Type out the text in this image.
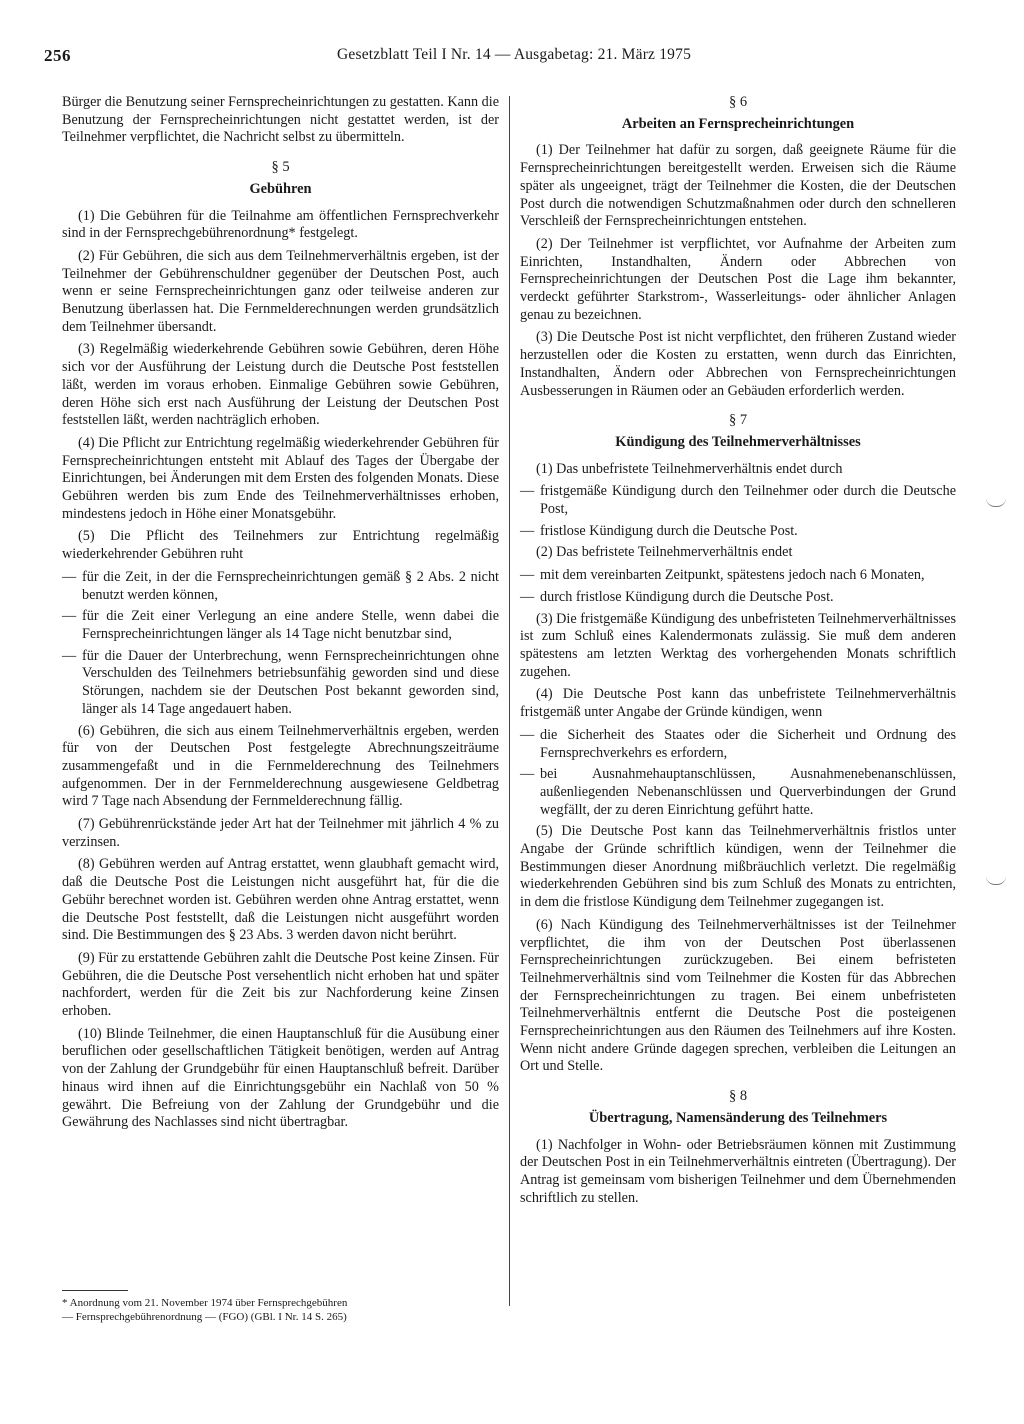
256	Gesetzblatt Teil I Nr. 14 — Ausgabetag: 21. März 1975

Bürger die Benutzung seiner Fernsprecheinrichtungen zu gestatten. Kann die Benutzung der Fernsprecheinrichtungen nicht gestattet werden, ist der Teilnehmer verpflichtet, die Nachricht selbst zu übermitteln.

§ 5
Gebühren

(1) Die Gebühren für die Teilnahme am öffentlichen Fernsprechverkehr sind in der Fernsprechgebührenordnung* festgelegt.

(2) Für Gebühren, die sich aus dem Teilnehmerverhältnis ergeben, ist der Teilnehmer der Gebührenschuldner gegenüber der Deutschen Post, auch wenn er seine Fernsprecheinrichtungen ganz oder teilweise anderen zur Benutzung überlassen hat. Die Fernmelderechnungen werden grundsätzlich dem Teilnehmer übersandt.

(3) Regelmäßig wiederkehrende Gebühren sowie Gebühren, deren Höhe sich vor der Ausführung der Leistung durch die Deutsche Post feststellen läßt, werden im voraus erhoben. Einmalige Gebühren sowie Gebühren, deren Höhe sich erst nach Ausführung der Leistung der Deutschen Post feststellen läßt, werden nachträglich erhoben.

(4) Die Pflicht zur Entrichtung regelmäßig wiederkehrender Gebühren für Fernsprecheinrichtungen entsteht mit Ablauf des Tages der Übergabe der Einrichtungen, bei Änderungen mit dem Ersten des folgenden Monats. Diese Gebühren werden bis zum Ende des Teilnehmerverhältnisses erhoben, mindestens jedoch in Höhe einer Monatsgebühr.

(5) Die Pflicht des Teilnehmers zur Entrichtung regelmäßig wiederkehrender Gebühren ruht

— für die Zeit, in der die Fernsprecheinrichtungen gemäß § 2 Abs. 2 nicht benutzt werden können,
— für die Zeit einer Verlegung an eine andere Stelle, wenn dabei die Fernsprecheinrichtungen länger als 14 Tage nicht benutzbar sind,
— für die Dauer der Unterbrechung, wenn Fernsprecheinrichtungen ohne Verschulden des Teilnehmers betriebsunfähig geworden sind und diese Störungen, nachdem sie der Deutschen Post bekannt geworden sind, länger als 14 Tage angedauert haben.

(6) Gebühren, die sich aus einem Teilnehmerverhältnis ergeben, werden für von der Deutschen Post festgelegte Abrechnungszeiträume zusammengefaßt und in die Fernmelderechnung des Teilnehmers aufgenommen. Der in der Fernmelderechnung ausgewiesene Geldbetrag wird 7 Tage nach Absendung der Fernmelderechnung fällig.

(7) Gebührenrückstände jeder Art hat der Teilnehmer mit jährlich 4 % zu verzinsen.

(8) Gebühren werden auf Antrag erstattet, wenn glaubhaft gemacht wird, daß die Deutsche Post die Leistungen nicht ausgeführt hat, für die die Gebühr berechnet worden ist. Gebühren werden ohne Antrag erstattet, wenn die Deutsche Post feststellt, daß die Leistungen nicht ausgeführt worden sind. Die Bestimmungen des § 23 Abs. 3 werden davon nicht berührt.

(9) Für zu erstattende Gebühren zahlt die Deutsche Post keine Zinsen. Für Gebühren, die die Deutsche Post versehentlich nicht erhoben hat und später nachfordert, werden für die Zeit bis zur Nachforderung keine Zinsen erhoben.

(10) Blinde Teilnehmer, die einen Hauptanschluß für die Ausübung einer beruflichen oder gesellschaftlichen Tätigkeit benötigen, werden auf Antrag von der Zahlung der Grundgebühr für einen Hauptanschluß befreit. Darüber hinaus wird ihnen auf die Einrichtungsgebühr ein Nachlaß von 50 % gewährt. Die Befreiung von der Zahlung der Grundgebühr und die Gewährung des Nachlasses sind nicht übertragbar.

§ 6
Arbeiten an Fernsprecheinrichtungen

(1) Der Teilnehmer hat dafür zu sorgen, daß geeignete Räume für die Fernsprecheinrichtungen bereitgestellt werden. Erweisen sich die Räume später als ungeeignet, trägt der Teilnehmer die Kosten, die der Deutschen Post durch die notwendigen Schutzmaßnahmen oder durch den schnelleren Verschleiß der Fernsprecheinrichtungen entstehen.

(2) Der Teilnehmer ist verpflichtet, vor Aufnahme der Arbeiten zum Einrichten, Instandhalten, Ändern oder Abbrechen von Fernsprecheinrichtungen der Deutschen Post die Lage ihm bekannter, verdeckt geführter Starkstrom-, Wasserleitungs- oder ähnlicher Anlagen genau zu bezeichnen.

(3) Die Deutsche Post ist nicht verpflichtet, den früheren Zustand wieder herzustellen oder die Kosten zu erstatten, wenn durch das Einrichten, Instandhalten, Ändern oder Abbrechen von Fernsprecheinrichtungen Ausbesserungen in Räumen oder an Gebäuden erforderlich werden.

§ 7
Kündigung des Teilnehmerverhältnisses

(1) Das unbefristete Teilnehmerverhältnis endet durch

— fristgemäße Kündigung durch den Teilnehmer oder durch die Deutsche Post,
— fristlose Kündigung durch die Deutsche Post.

(2) Das befristete Teilnehmerverhältnis endet

— mit dem vereinbarten Zeitpunkt, spätestens jedoch nach 6 Monaten,
— durch fristlose Kündigung durch die Deutsche Post.

(3) Die fristgemäße Kündigung des unbefristeten Teilnehmerverhältnisses ist zum Schluß eines Kalendermonats zulässig. Sie muß dem anderen spätestens am letzten Werktag des vorhergehenden Monats schriftlich zugehen.

(4) Die Deutsche Post kann das unbefristete Teilnehmerverhältnis fristgemäß unter Angabe der Gründe kündigen, wenn

— die Sicherheit des Staates oder die Sicherheit und Ordnung des Fernsprechverkehrs es erfordern,
— bei Ausnahmehauptanschlüssen, Ausnahmenebenanschlüssen, außenliegenden Nebenanschlüssen und Querverbindungen der Grund wegfällt, der zu deren Einrichtung geführt hatte.

(5) Die Deutsche Post kann das Teilnehmerverhältnis fristlos unter Angabe der Gründe schriftlich kündigen, wenn der Teilnehmer die Bestimmungen dieser Anordnung mißbräuchlich verletzt. Die regelmäßig wiederkehrenden Gebühren sind bis zum Schluß des Monats zu entrichten, in dem die fristlose Kündigung dem Teilnehmer zugegangen ist.

(6) Nach Kündigung des Teilnehmerverhältnisses ist der Teilnehmer verpflichtet, die ihm von der Deutschen Post überlassenen Fernsprecheinrichtungen zurückzugeben. Bei einem befristeten Teilnehmerverhältnis sind vom Teilnehmer die Kosten für das Abbrechen der Fernsprecheinrichtungen zu tragen. Bei einem unbefristeten Teilnehmerverhältnis entfernt die Deutsche Post die posteigenen Fernsprecheinrichtungen aus den Räumen des Teilnehmers auf ihre Kosten. Wenn nicht andere Gründe dagegen sprechen, verbleiben die Leitungen an Ort und Stelle.

§ 8
Übertragung, Namensänderung des Teilnehmers

(1) Nachfolger in Wohn- oder Betriebsräumen können mit Zustimmung der Deutschen Post in ein Teilnehmerverhältnis eintreten (Übertragung). Der Antrag ist gemeinsam vom bisherigen Teilnehmer und dem Übernehmenden schriftlich zu stellen.

* Anordnung vom 21. November 1974 über Fernsprechgebühren
— Fernsprechgebührenordnung — (FGO) (GBl. I Nr. 14 S. 265)
